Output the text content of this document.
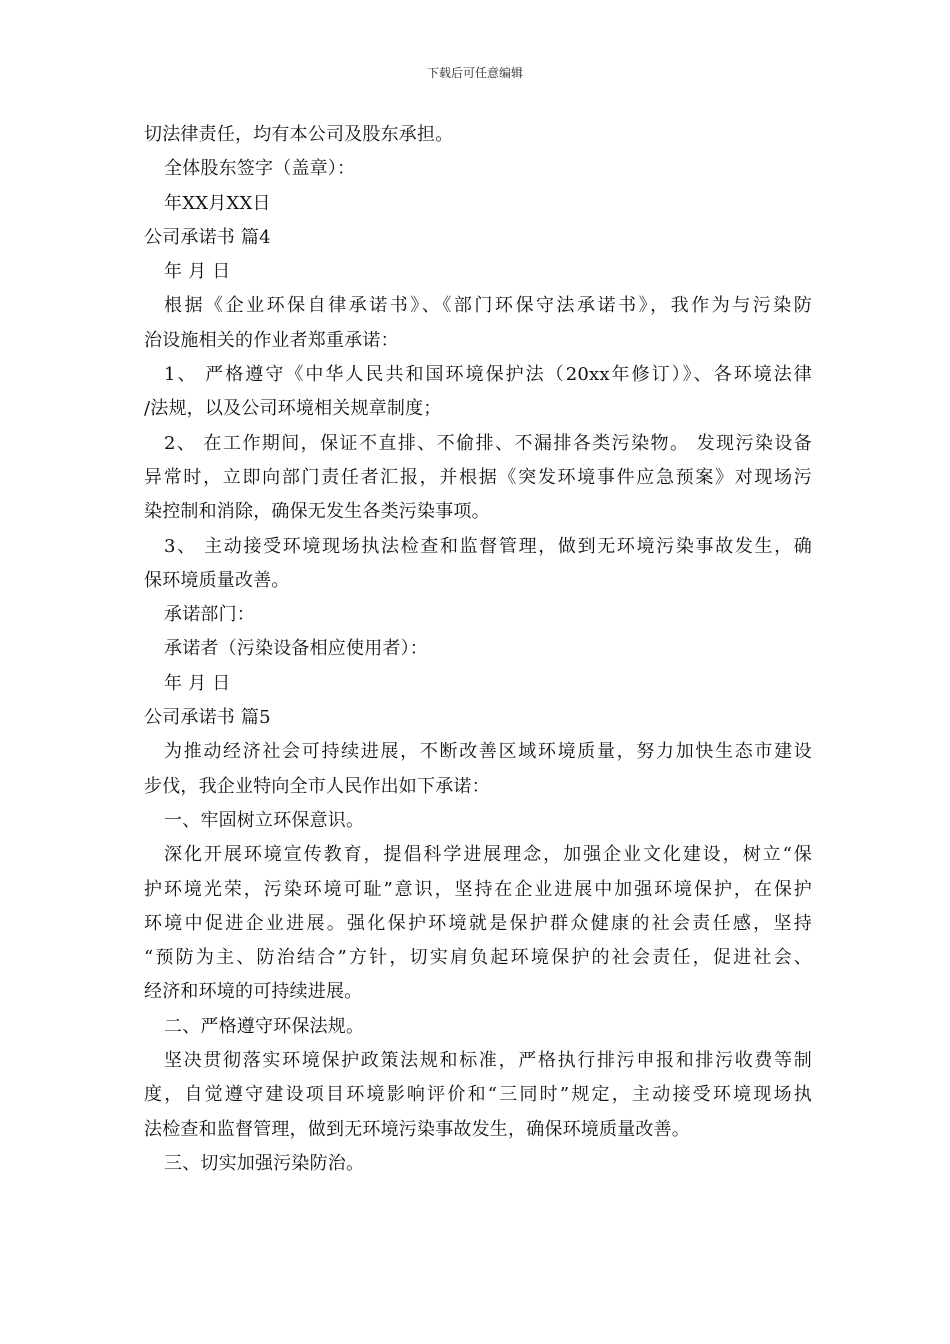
下载后可任意编辑
切法律责任，均有本公司及股东承担。
全体股东签字（盖章）：
年XX月XX日
公司承诺书 篇4
年 月 日
根据《企业环保自律承诺书》、《部门环保守法承诺书》，我作为与污染防
治设施相关的作业者郑重承诺：
1、 严格遵守《中华人民共和国环境保护法（20xx年修订）》、各环境法律
/法规，以及公司环境相关规章制度；
2、 在工作期间，保证不直排、不偷排、不漏排各类污染物。 发现污染设备
异常时，立即向部门责任者汇报，并根据《突发环境事件应急预案》对现场污
染控制和消除，确保无发生各类污染事项。
3、 主动接受环境现场执法检查和监督管理，做到无环境污染事故发生，确
保环境质量改善。
承诺部门：
承诺者（污染设备相应使用者）：
年 月 日
公司承诺书 篇5
为推动经济社会可持续进展，不断改善区域环境质量，努力加快生态市建设
步伐，我企业特向全市人民作出如下承诺：
一、牢固树立环保意识。
深化开展环境宣传教育，提倡科学进展理念，加强企业文化建设，树立“保
护环境光荣，污染环境可耻”意识，坚持在企业进展中加强环境保护，在保护
环境中促进企业进展。强化保护环境就是保护群众健康的社会责任感，坚持
“预防为主、防治结合”方针，切实肩负起环境保护的社会责任，促进社会、
经济和环境的可持续进展。
二、严格遵守环保法规。
坚决贯彻落实环境保护政策法规和标准，严格执行排污申报和排污收费等制
度，自觉遵守建设项目环境影响评价和“三同时”规定，主动接受环境现场执
法检查和监督管理，做到无环境污染事故发生，确保环境质量改善。
三、切实加强污染防治。
